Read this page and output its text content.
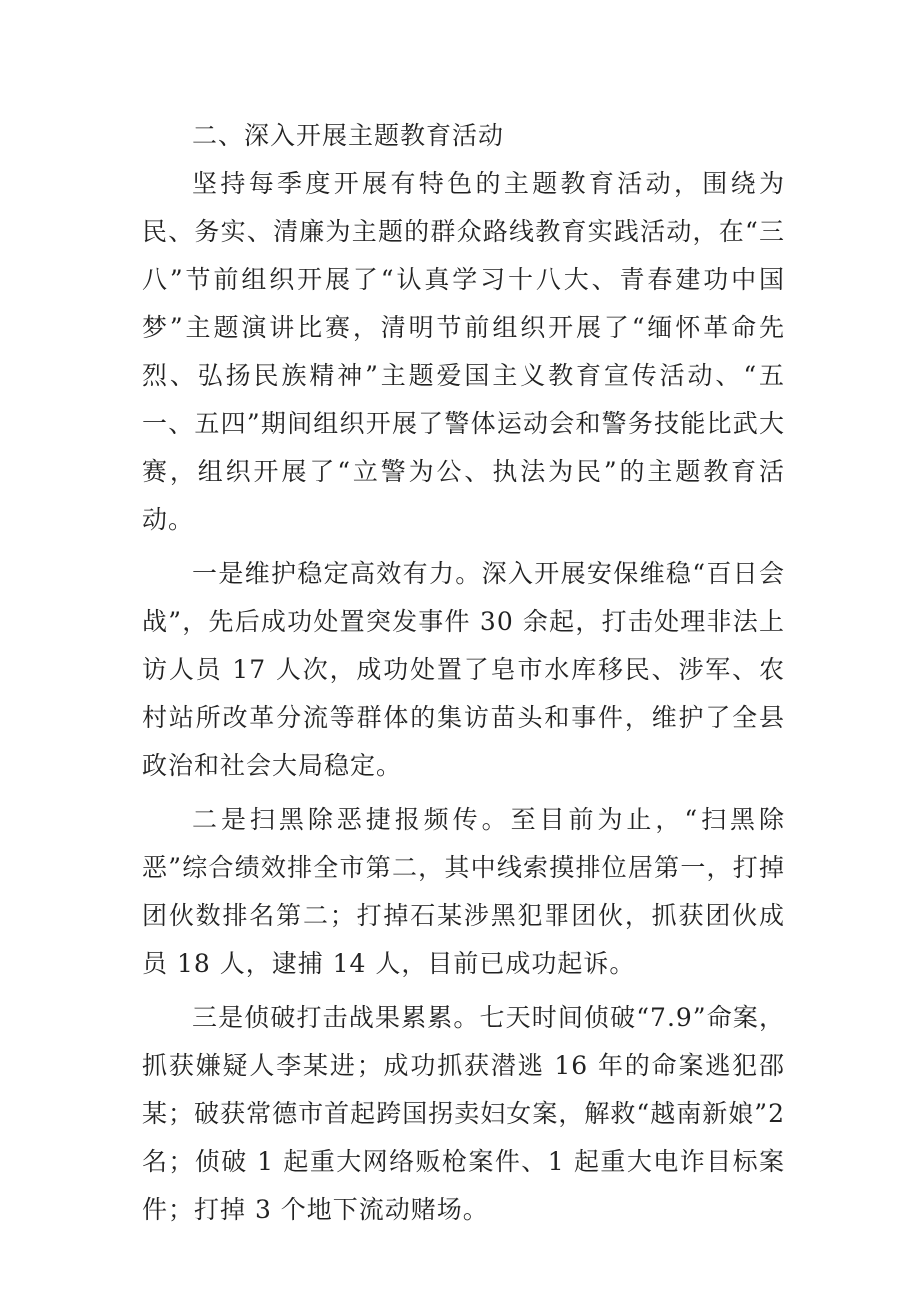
二、深入开展主题教育活动

坚持每季度开展有特色的主题教育活动，围绕为民、务实、清廉为主题的群众路线教育实践活动，在“三八”节前组织开展了“认真学习十八大、青春建功中国梦”主题演讲比赛，清明节前组织开展了“缅怀革命先烈、弘扬民族精神”主题爱国主义教育宣传活动、“五一、五四”期间组织开展了警体运动会和警务技能比武大赛，组织开展了“立警为公、执法为民”的主题教育活动。

一是维护稳定高效有力。深入开展安保维稳“百日会战”，先后成功处置突发事件 30 余起，打击处理非法上访人员 17 人次，成功处置了皂市水库移民、涉军、农村站所改革分流等群体的集访苗头和事件，维护了全县政治和社会大局稳定。

二是扫黑除恶捷报频传。至目前为止，“扫黑除恶”综合绩效排全市第二，其中线索摸排位居第一，打掉团伙数排名第二；打掉石某涉黑犯罪团伙，抓获团伙成员 18 人，逮捕 14 人，目前已成功起诉。

三是侦破打击战果累累。七天时间侦破“7.9”命案，抓获嫌疑人李某进；成功抓获潜逃 16 年的命案逃犯邵某；破获常德市首起跨国拐卖妇女案，解救“越南新娘”2 名；侦破 1 起重大网络贩枪案件、1 起重大电诈目标案件；打掉 3 个地下流动赌场。
